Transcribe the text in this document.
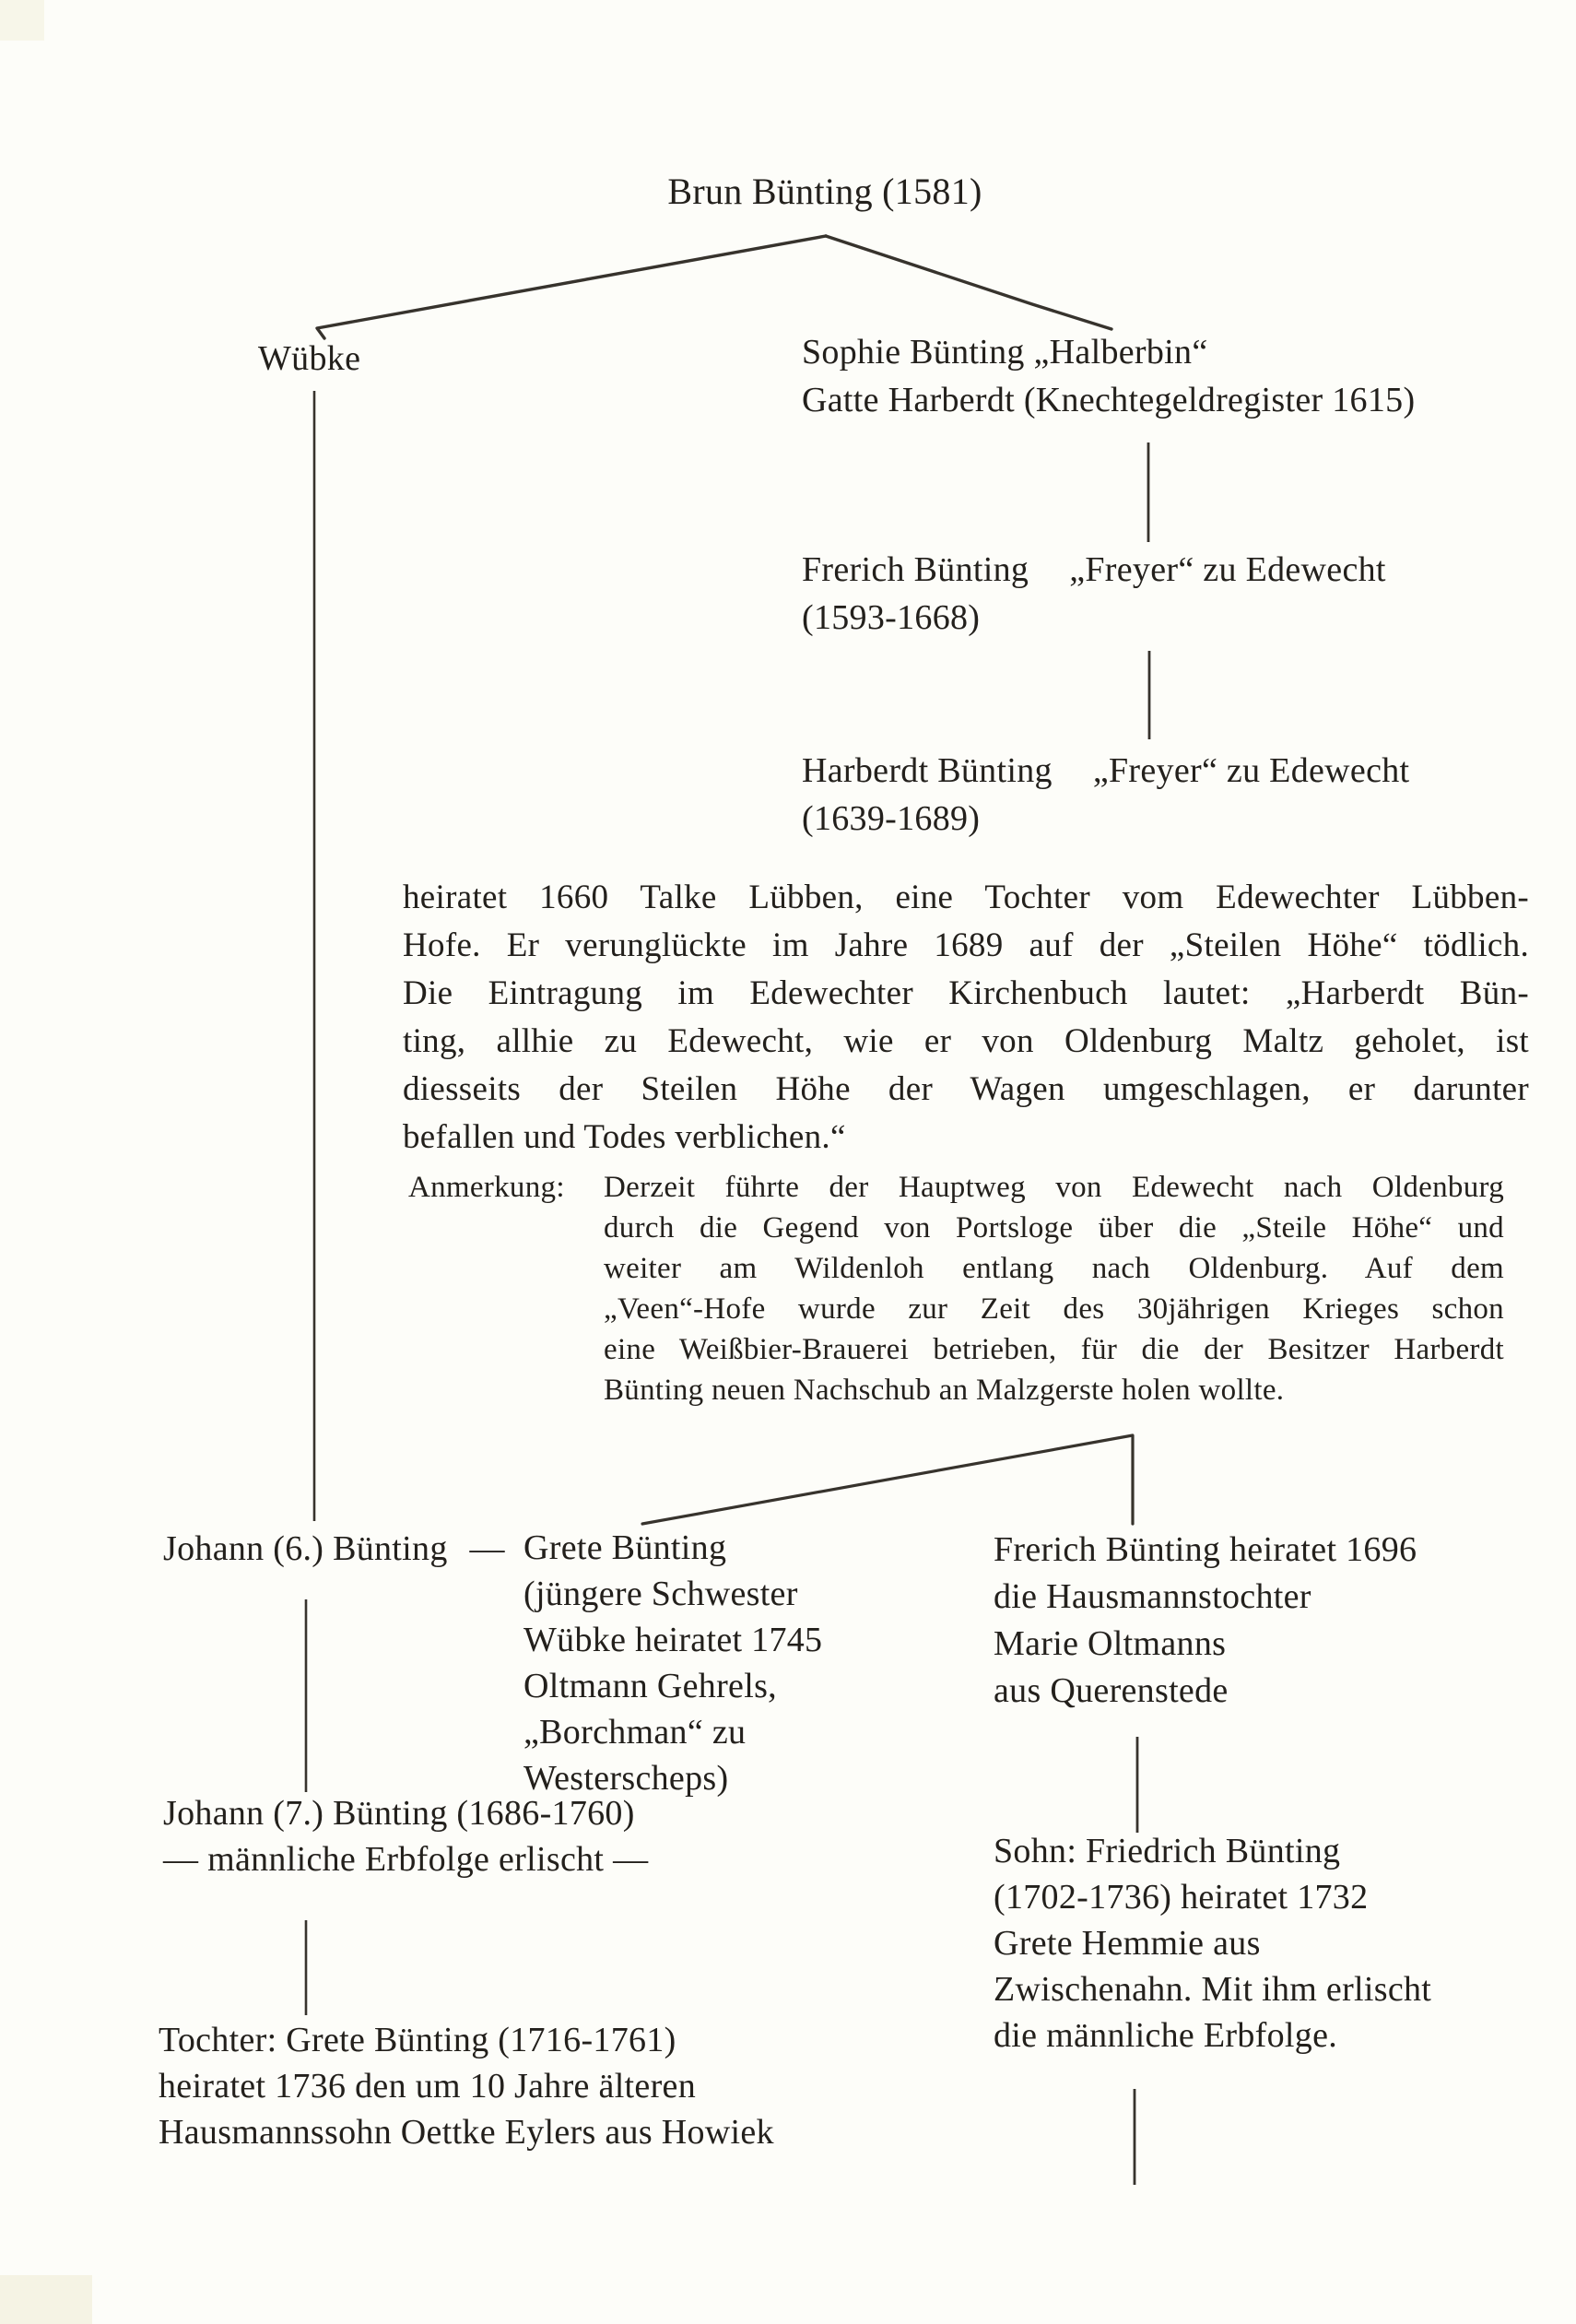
Brun Bünting (1581)
Wübke	Sophie Bünting „Halberbin“
Gatte Harberdt (Knechtegeldregister 1615)
Frerich Bünting „Freyer“ zu Edewecht
(1593-1668)
Harberdt Bünting „Freyer“ zu Edewecht
(1639-1689)
heiratet 1660 Talke Lübben, eine Tochter vom Edewechter Lübben-
Hofe. Er verunglückte im Jahre 1689 auf der „Steilen Höhe“ tödlich.
Die Eintragung im Edewechter Kirchenbuch lautet: „Harberdt Bün-
ting, allhie zu Edewecht, wie er von Oldenburg Maltz geholet, ist
diesseits der Steilen Höhe der Wagen umgeschlagen, er darunter
befallen und Todes verblichen.“
Anmerkung: Derzeit führte der Hauptweg von Edewecht nach Oldenburg
durch die Gegend von Portsloge über die „Steile Höhe“ und
weiter am Wildenloh entlang nach Oldenburg. Auf dem
„Veen“-Hofe wurde zur Zeit des 30jährigen Krieges schon
eine Weißbier-Brauerei betrieben, für die der Besitzer Harberdt
Bünting neuen Nachschub an Malzgerste holen wollte.
Johann (6.) Bünting — Grete Bünting
(jüngere Schwester
Wübke heiratet 1745
Oltmann Gehrels,
„Borchman“ zu
Westerscheps)
Frerich Bünting heiratet 1696
die Hausmannstochter
Marie Oltmanns
aus Querenstede
Johann (7.) Bünting (1686-1760)
— männliche Erbfolge erlischt —	Sohn: Friedrich Bünting
(1702-1736) heiratet 1732
Grete Hemmie aus
Zwischenahn. Mit ihm erlischt
die männliche Erbfolge.
Tochter: Grete Bünting (1716-1761)
heiratet 1736 den um 10 Jahre älteren
Hausmannssohn Oettke Eylers aus Howiek
